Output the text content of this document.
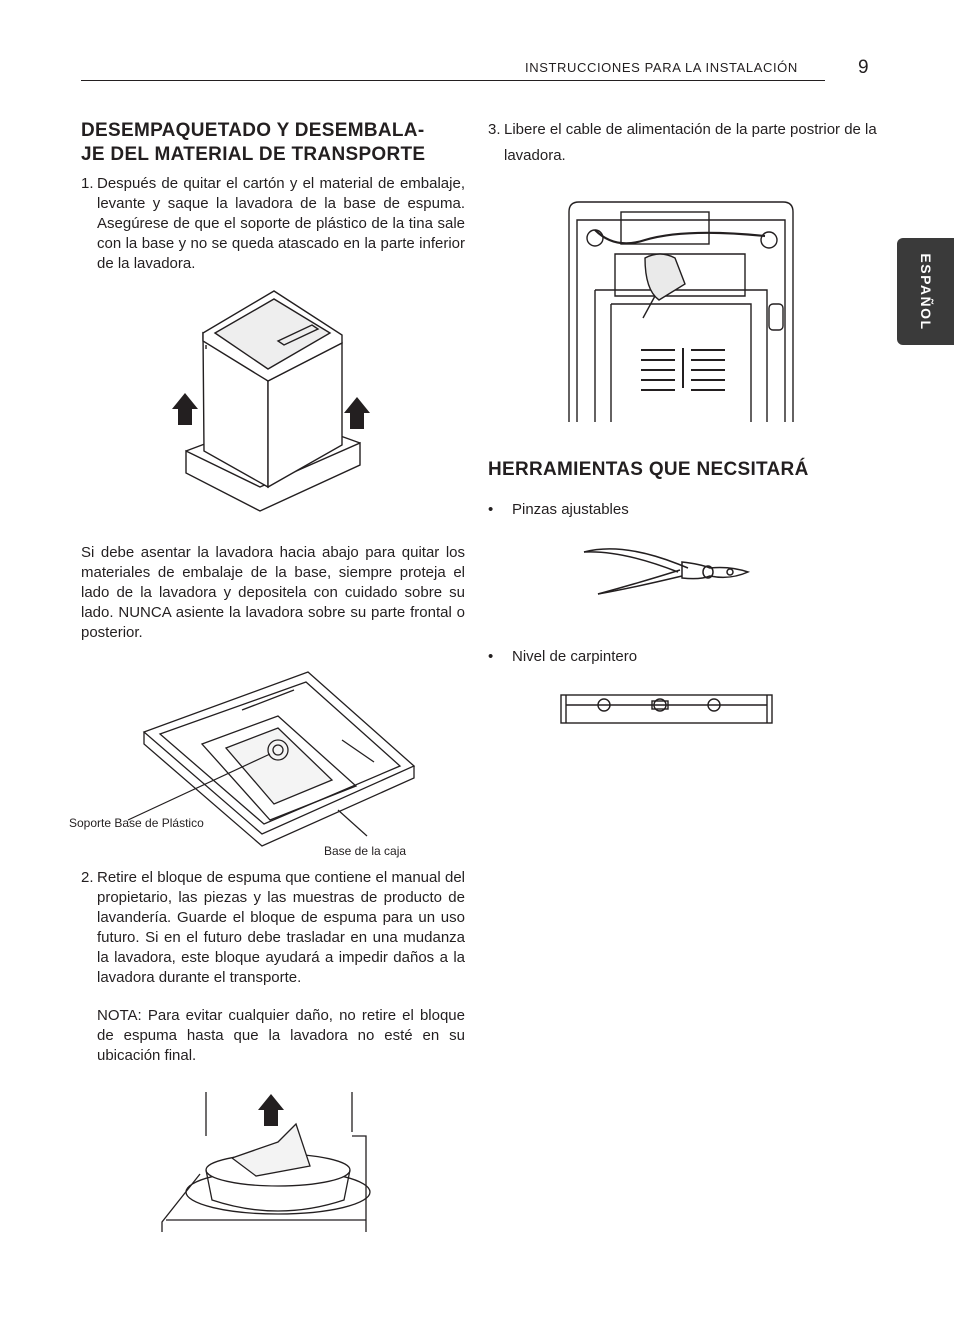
INSTRUCCIONES PARA LA INSTALACIÓN	9
ESPAÑOL
DESEMPAQUETADO Y DESEMBALA-
JE DEL MATERIAL DE TRANSPORTE
1. Después de quitar el cartón y el material de embalaje, levante y saque la lavadora de la base de espuma. Asegúrese de que el soporte de plástico de la tina sale con la base y no se queda atascado en la parte inferior de la lavadora.

Si debe asentar la lavadora hacia abajo para quitar los materiales de embalaje de la base, siempre proteja el lado de la lavadora y depositela con cuidado sobre su lado. NUNCA asiente la lavadora sobre su parte frontal o posterior.

Soporte Base de Plástico
Base de la caja
2. Retire el bloque de espuma que contiene el manual del propietario, las piezas y las muestras de producto de lavandería. Guarde el bloque de espuma para un uso futuro. Si en el futuro debe trasladar en una mudanza la lavadora, este bloque ayudará a impedir daños a la lavadora durante el transporte.

NOTA: Para evitar cualquier daño, no retire el bloque de espuma hasta que la lavadora no esté en su ubicación final.

3. Libere el cable de alimentación de la parte postrior de la lavadora.
HERRAMIENTAS QUE NECSITARÁ
• Pinzas ajustables
• Nivel de carpintero
